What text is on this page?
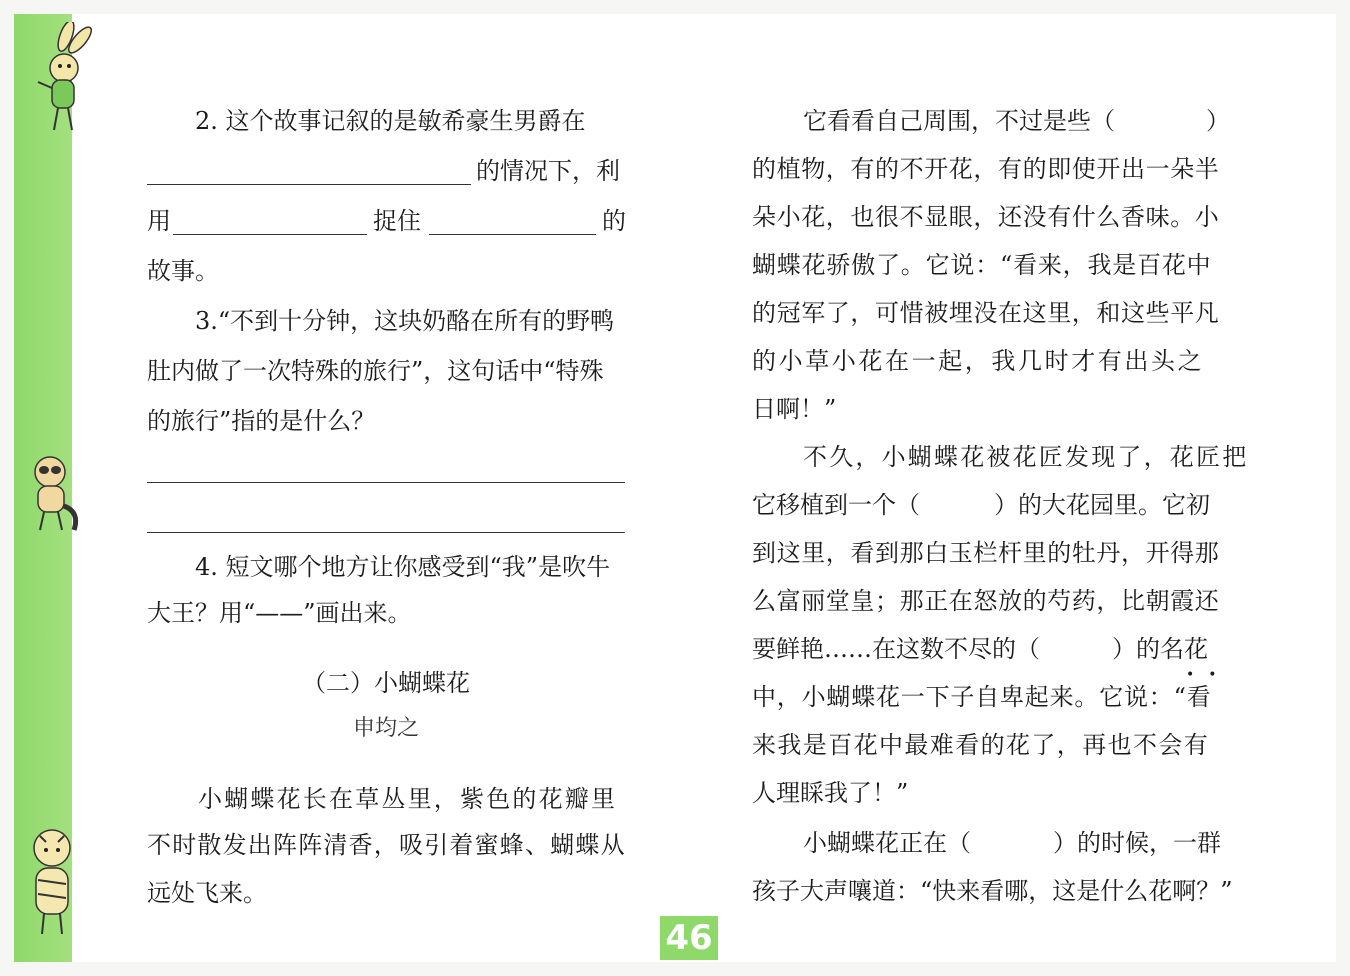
2. 这个故事记叙的是敏希豪生男爵在
的情况下，利
用	捉住	的
故事。
3.“不到十分钟，这块奶酪在所有的野鸭
肚内做了一次特殊的旅行”，这句话中“特殊
的旅行”指的是什么？
4. 短文哪个地方让你感受到“我”是吹牛
大王？用“——”画出来。
（二）小蝴蝶花
申均之
小蝴蝶花长在草丛里，紫色的花瓣里
不时散发出阵阵清香，吸引着蜜蜂、蝴蝶从
远处飞来。
它看看自己周围，不过是些（	）
的植物，有的不开花，有的即使开出一朵半
朵小花，也很不显眼，还没有什么香味。小
蝴蝶花骄傲了。它说：“看来，我是百花中
的冠军了，可惜被埋没在这里，和这些平凡
的小草小花在一起，我几时才有出头之
日啊！”
不久，小蝴蝶花被花匠发现了，花匠把
它移植到一个（	）的大花园里。它初
到这里，看到那白玉栏杆里的牡丹，开得那
么富丽堂皇；那正在怒放的芍药，比朝霞还
要鲜艳……在这数不尽的（	）的名花
• •
中，小蝴蝶花一下子自卑起来。它说：“看
来我是百花中最难看的花了，再也不会有
人理睬我了！”
小蝴蝶花正在（	）的时候，一群
孩子大声嚷道：“快来看哪，这是什么花啊？”
46
